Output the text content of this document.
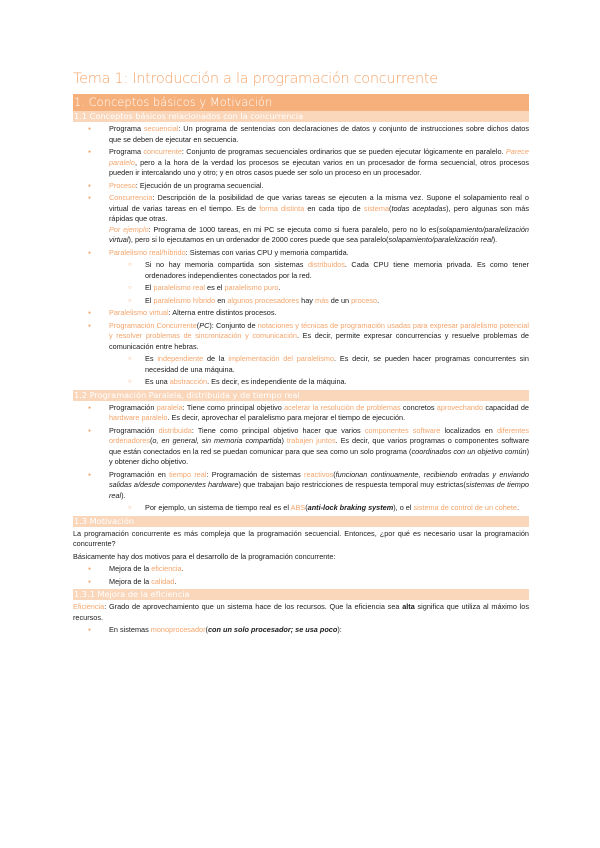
Tema 1: Introducción a la programación concurrente
1. Conceptos básicos y Motivación
1.1 Conceptos básicos relacionados con la concurrencia
● Programa secuencial: Un programa de sentencias con declaraciones de datos y conjunto de instrucciones sobre dichos datos que se deben de ejecutar en secuencia.
● Programa concurrente: Conjunto de programas secuenciales ordinarios que se pueden ejecutar lógicamente en paralelo. Parece paralelo, pero a la hora de la verdad los procesos se ejecutan varios en un procesador de forma secuencial, otros procesos pueden ir intercalando uno y otro; y en otros casos puede ser solo un proceso en un procesador.
● Proceso: Ejecución de un programa secuencial.
● Concurrencia: Descripción de la posibilidad de que varias tareas se ejecuten a la misma vez. Supone el solapamiento real o virtual de varias tareas en el tiempo. Es de forma distinta en cada tipo de sistema(todas aceptadas), pero algunas son más rápidas que otras.
Por ejemplo: Programa de 1000 tareas, en mi PC se ejecuta como si fuera paralelo, pero no lo es(solapamiento/paralelización virtual), pero si lo ejecutamos en un ordenador de 2000 cores puede que sea paralelo(solapamiento/paralelización real).
● Paralelismo real/híbrido: Sistemas con varias CPU y memoria compartida.
○ Si no hay memoria compartida son sistemas distribuidos. Cada CPU tiene memoria privada. Es como tener ordenadores independientes conectados por la red.
○ El paralelismo real es el paralelismo puro.
○ El paralelismo híbrido en algunos procesadores hay más de un proceso.
● Paralelismo virtual: Alterna entre distintos procesos.
● Programación Concurrente(PC): Conjunto de notaciones y técnicas de programación usadas para expresar paralelismo potencial y resolver problemas de sincronización y comunicación. Es decir, permite expresar concurrencias y resuelve problemas de comunicación entre hebras.
○ Es independiente de la implementación del paralelismo. Es decir, se pueden hacer programas concurrentes sin necesidad de una máquina.
○ Es una abstracción. Es decir, es independiente de la máquina.
1.2 Programación Paralela, distribuida y de tiempo real
● Programación paralela: Tiene como principal objetivo acelerar la resolución de problemas concretos aprovechando capacidad de hardware paralelo. Es decir, aprovechar el paralelismo para mejorar el tiempo de ejecución.
● Programación distribuida: Tiene como principal objetivo hacer que varios componentes software localizados en diferentes ordenadores(o, en general, sin memoria compartida) trabajen juntos. Es decir, que varios programas o componentes software que están conectados en la red se puedan comunicar para que sea como un solo programa (coordinados con un objetivo común) y obtener dicho objetivo.
● Programación en tiempo real: Programación de sistemas reactivos(funcionan continuamente, recibiendo entradas y enviando salidas a/desde componentes hardware) que trabajan bajo restricciones de respuesta temporal muy estrictas(sistemas de tiempo real).
○ Por ejemplo, un sistema de tiempo real es el ABS(anti-lock braking system), o el sistema de control de un cohete.
1.3 Motivación

La programación concurrente es más compleja que la programación secuencial. Entonces, ¿por qué es necesario usar la programación concurrente?

Básicamente hay dos motivos para el desarrollo de la programación concurrente:

● Mejora de la eficiencia.
● Mejora de la calidad.
1.3.1 Mejora de la eficiencia

Eficiencia: Grado de aprovechamiento que un sistema hace de los recursos. Que la eficiencia sea alta significa que utiliza al máximo los recursos.

● En sistemas monoprocesador(con un solo procesador; se usa poco):
